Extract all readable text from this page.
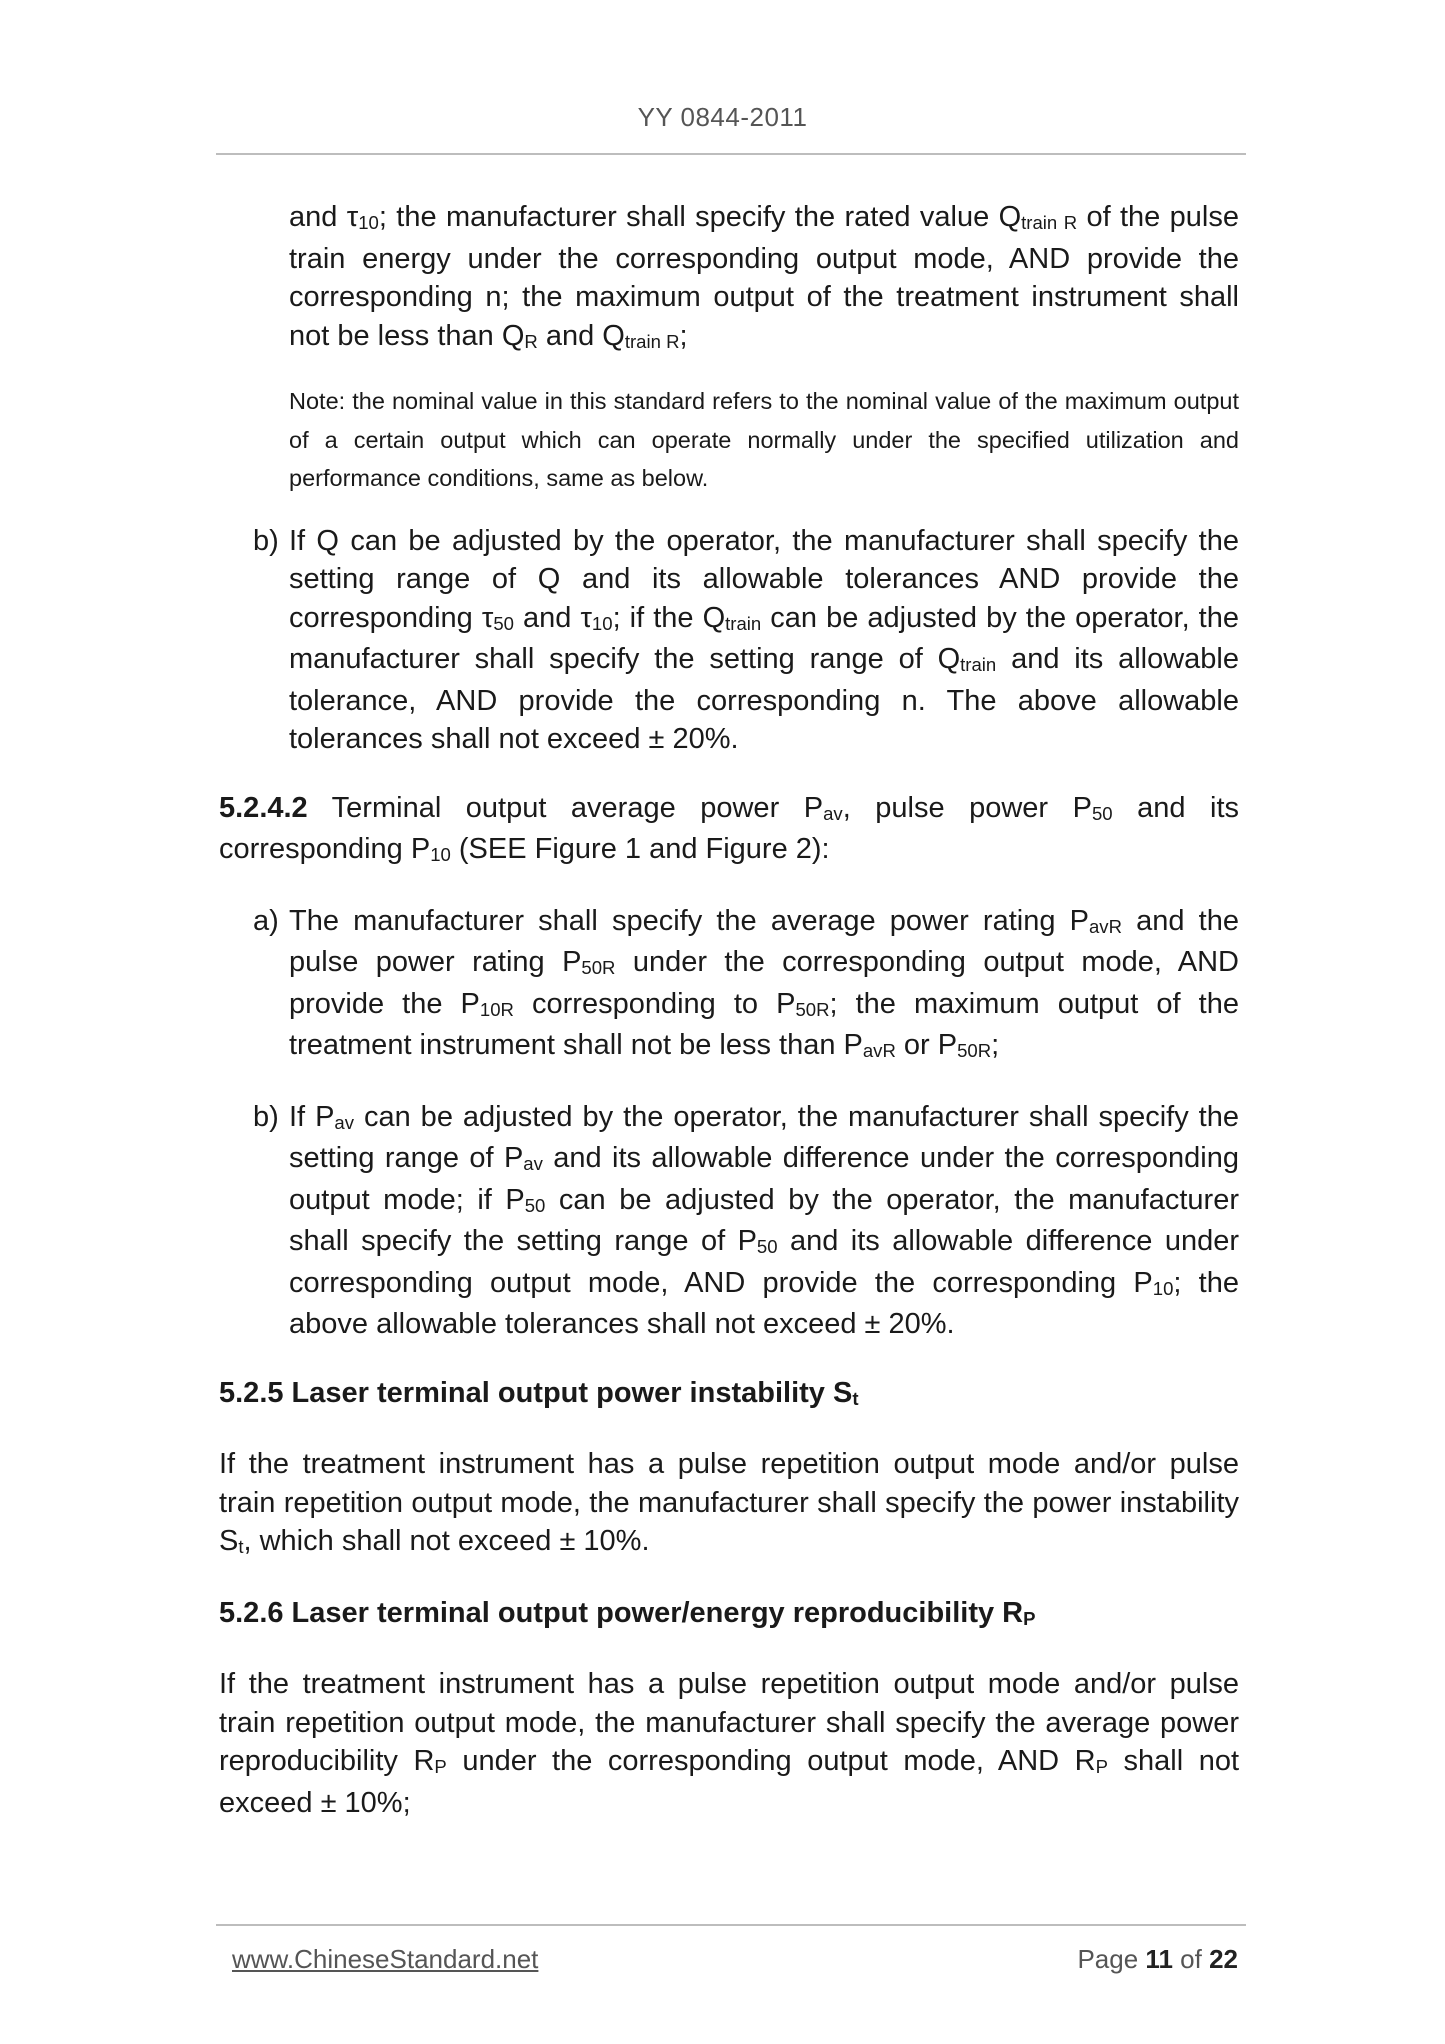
YY 0844-2011

and $\tau_{10}$; the manufacturer shall specify the rated value $Q_{train R}$ of the pulse train energy under the corresponding output mode, AND provide the corresponding n; the maximum output of the treatment instrument shall not be less than $Q_R$ and $Q_{train R}$;

Note: the nominal value in this standard refers to the nominal value of the maximum output of a certain output which can operate normally under the specified utilization and performance conditions, same as below.

b) If Q can be adjusted by the operator, the manufacturer shall specify the setting range of Q and its allowable tolerances AND provide the corresponding $\tau_{50}$ and $\tau_{10}$; if the $Q_{train}$ can be adjusted by the operator, the manufacturer shall specify the setting range of $Q_{train}$ and its allowable tolerance, AND provide the corresponding n. The above allowable tolerances shall not exceed ± 20%.

5.2.4.2 Terminal output average power $P_{av}$, pulse power $P_{50}$ and its corresponding $P_{10}$ (SEE Figure 1 and Figure 2):

a) The manufacturer shall specify the average power rating $P_{avR}$ and the pulse power rating $P_{50R}$ under the corresponding output mode, AND provide the $P_{10R}$ corresponding to $P_{50R}$; the maximum output of the treatment instrument shall not be less than $P_{avR}$ or $P_{50R}$;

b) If $P_{av}$ can be adjusted by the operator, the manufacturer shall specify the setting range of $P_{av}$ and its allowable difference under the corresponding output mode; if $P_{50}$ can be adjusted by the operator, the manufacturer shall specify the setting range of $P_{50}$ and its allowable difference under corresponding output mode, AND provide the corresponding $P_{10}$; the above allowable tolerances shall not exceed ± 20%.

5.2.5 Laser terminal output power instability $S_t$

If the treatment instrument has a pulse repetition output mode and/or pulse train repetition output mode, the manufacturer shall specify the power instability $S_t$, which shall not exceed ± 10%.

5.2.6 Laser terminal output power/energy reproducibility $R_P$

If the treatment instrument has a pulse repetition output mode and/or pulse train repetition output mode, the manufacturer shall specify the average power reproducibility $R_P$ under the corresponding output mode, AND $R_P$ shall not exceed ± 10%;

www.ChineseStandard.net	Page 11 of 22
